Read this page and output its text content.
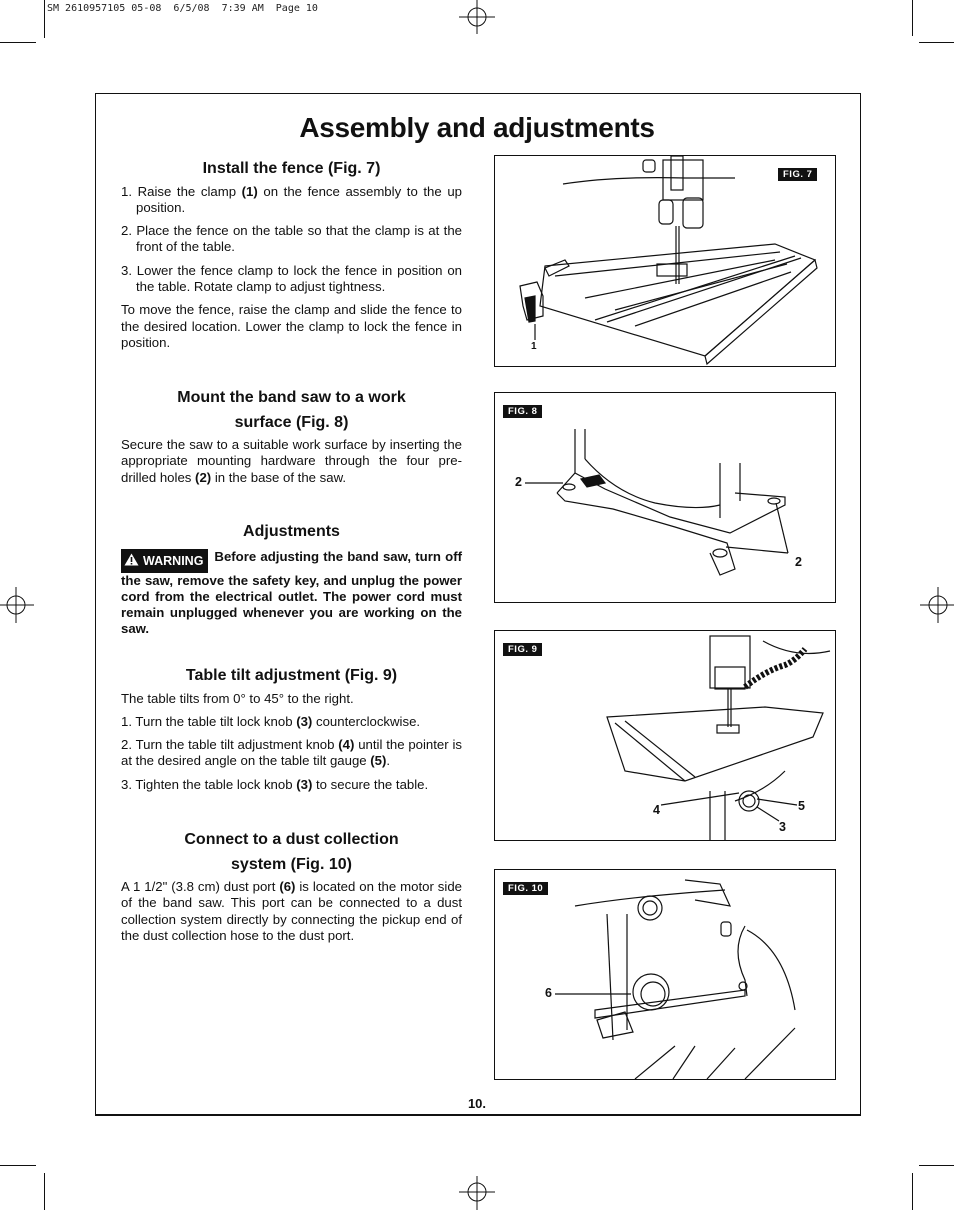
SM 2610957105 05-08  6/5/08  7:39 AM  Page 10
Assembly and adjustments

Install the fence (Fig. 7)

1. Raise the clamp (1) on the fence assembly to the up position.

2. Place the fence on the table so that the clamp is at the front of the table.

3. Lower the fence clamp to lock the fence in position on the table. Rotate clamp to adjust tightness.

To move the fence, raise the clamp and slide the fence to the desired location. Lower the clamp to lock the fence in position.

Mount the band saw to a work

surface (Fig. 8)

Secure the saw to a suitable work surface by inserting the appropriate mounting hardware through the four pre-drilled holes (2) in the base of the saw.

Adjustments

WARNING Before adjusting the band saw, turn off the saw, remove the safety key, and unplug the power cord from the electrical outlet. The power cord must remain unplugged whenever you are working on the saw.

Table tilt adjustment (Fig. 9)

The table tilts from 0° to 45° to the right.

1. Turn the table tilt lock knob (3) counterclockwise.

2. Turn the table tilt adjustment knob (4) until the pointer is at the desired angle on the table tilt gauge (5).

3. Tighten the table lock knob (3) to secure the table.

Connect to a dust collection

system (Fig. 10)

A 1 1/2" (3.8 cm) dust port (6) is located on the motor side of the band saw. This port can be connected to a dust collection system directly by connecting the pickup end of the dust collection hose to the dust port.

FIG. 7
1
FIG. 8
2
2
FIG. 9
4	5
3
FIG. 10
6
10.
